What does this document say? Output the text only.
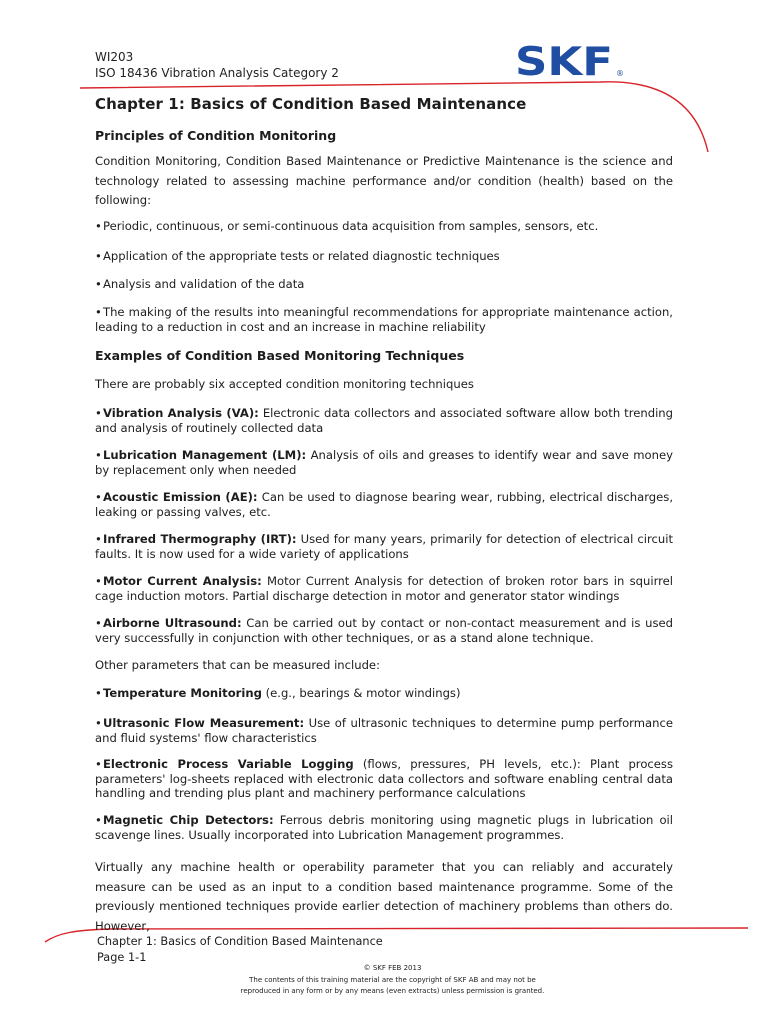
WI203
ISO 18436 Vibration Analysis Category 2	SKF ®
Chapter 1: Basics of Condition Based Maintenance
Principles of Condition Monitoring
Condition Monitoring, Condition Based Maintenance or Predictive Maintenance is the science and technology related to assessing machine performance and/or condition (health) based on the following:
•Periodic, continuous, or semi-continuous data acquisition from samples, sensors, etc.
•Application of the appropriate tests or related diagnostic techniques
•Analysis and validation of the data
•The making of the results into meaningful recommendations for appropriate maintenance action, leading to a reduction in cost and an increase in machine reliability
Examples of Condition Based Monitoring Techniques
There are probably six accepted condition monitoring techniques
•Vibration Analysis (VA): Electronic data collectors and associated software allow both trending and analysis of routinely collected data
•Lubrication Management (LM): Analysis of oils and greases to identify wear and save money by replacement only when needed
•Acoustic Emission (AE): Can be used to diagnose bearing wear, rubbing, electrical discharges, leaking or passing valves, etc.
•Infrared Thermography (IRT): Used for many years, primarily for detection of electrical circuit faults. It is now used for a wide variety of applications
•Motor Current Analysis: Motor Current Analysis for detection of broken rotor bars in squirrel cage induction motors. Partial discharge detection in motor and generator stator windings
•Airborne Ultrasound: Can be carried out by contact or non-contact measurement and is used very successfully in conjunction with other techniques, or as a stand alone technique.
Other parameters that can be measured include:
•Temperature Monitoring (e.g., bearings & motor windings)
•Ultrasonic Flow Measurement: Use of ultrasonic techniques to determine pump performance and fluid systems' flow characteristics
•Electronic Process Variable Logging (flows, pressures, PH levels, etc.): Plant process parameters' log-sheets replaced with electronic data collectors and software enabling central data handling and trending plus plant and machinery performance calculations
•Magnetic Chip Detectors: Ferrous debris monitoring using magnetic plugs in lubrication oil scavenge lines. Usually incorporated into Lubrication Management programmes.
Virtually any machine health or operability parameter that you can reliably and accurately measure can be used as an input to a condition based maintenance programme. Some of the previously mentioned techniques provide earlier detection of machinery problems than others do. However,
Chapter 1: Basics of Condition Based Maintenance
Page 1-1
© SKF FEB 2013
The contents of this training material are the copyright of SKF AB and may not be
reproduced in any form or by any means (even extracts) unless permission is granted.
